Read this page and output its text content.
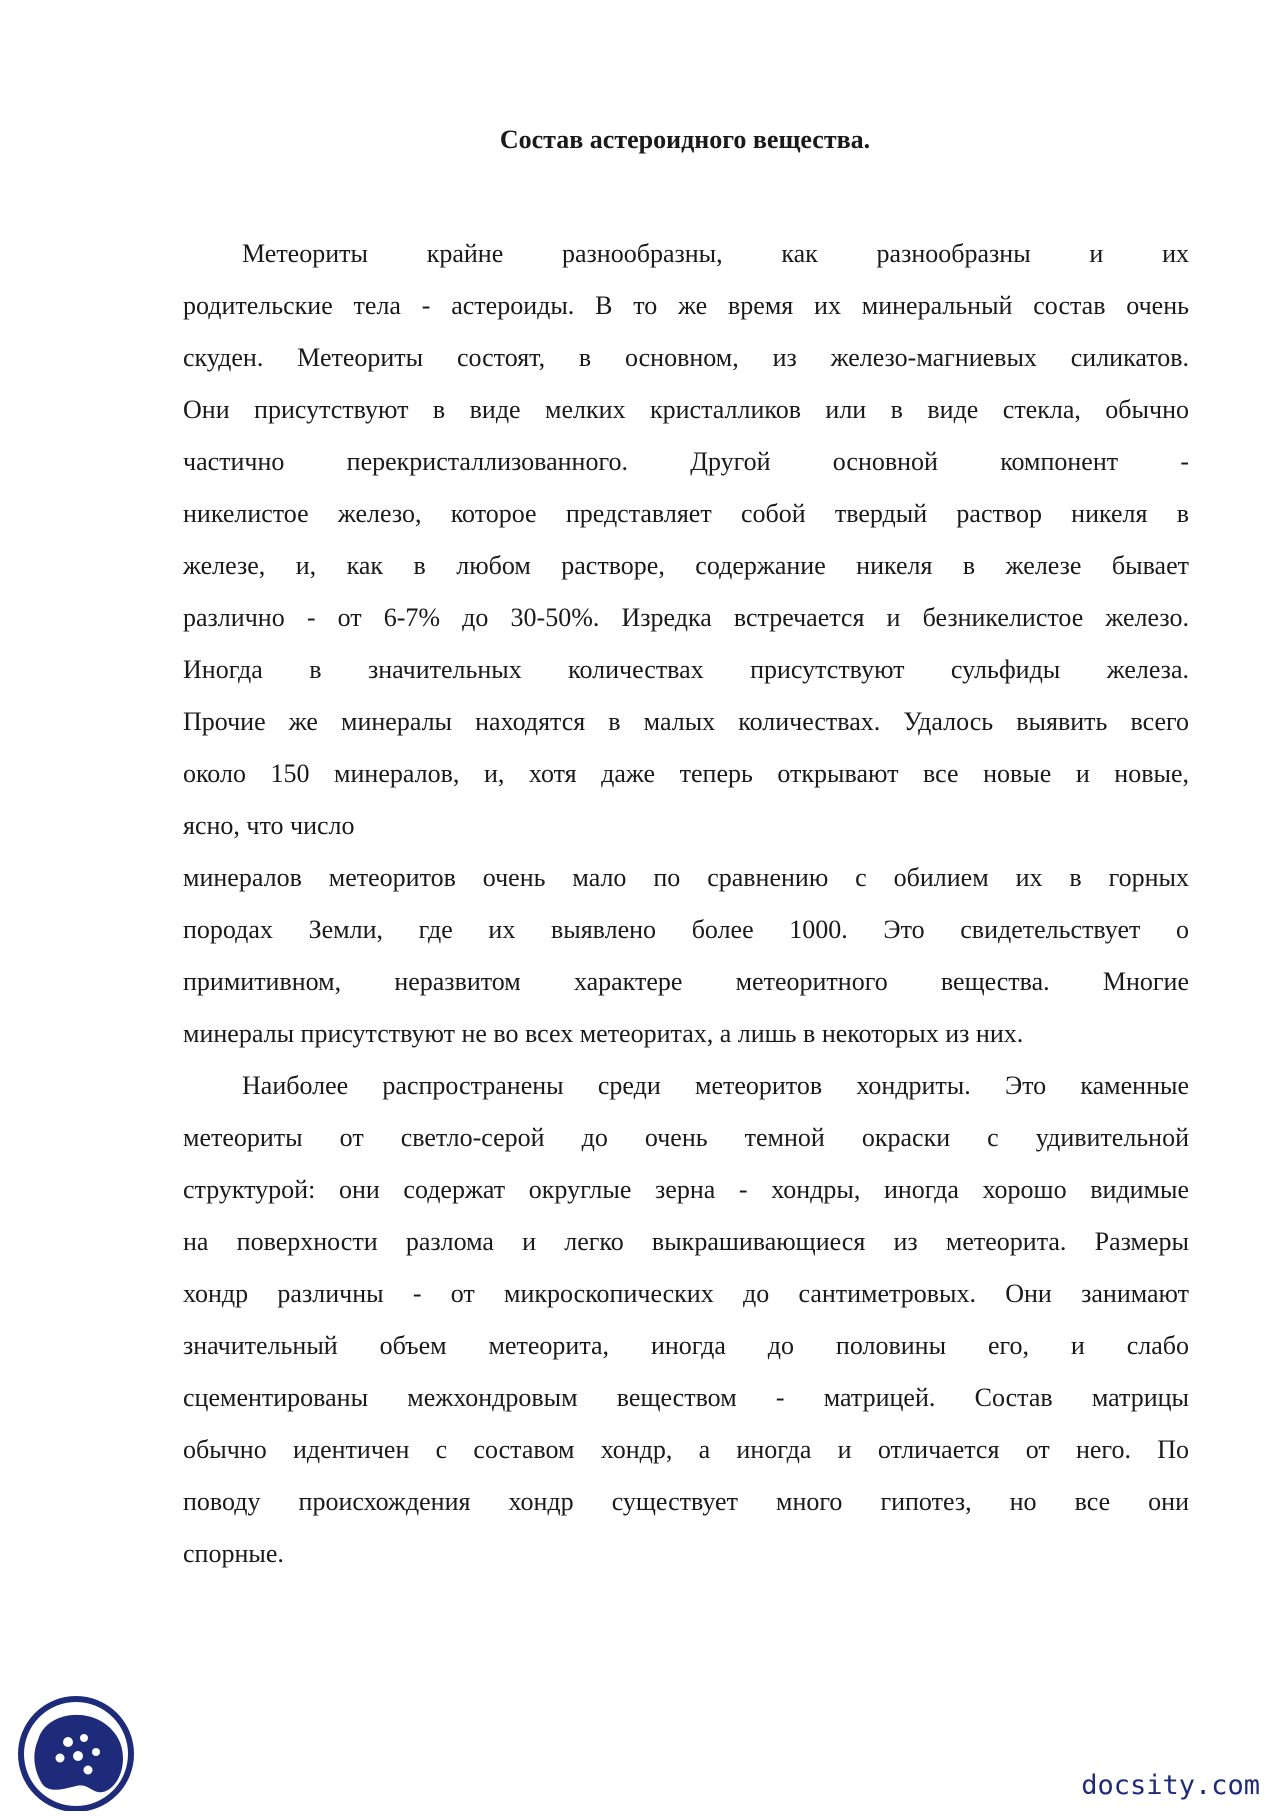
Состав астероидного вещества.
Метеориты крайне разнообразны, как разнообразны и их
родительские тела - астероиды. В то же время их минеральный состав очень
скуден. Метеориты состоят, в основном, из железо-магниевых силикатов.
Они присутствуют в виде мелких кристалликов или в виде стекла, обычно
частично перекристаллизованного. Другой основной компонент -
никелистое железо, которое представляет собой твердый раствор никеля в
железе, и, как в любом растворе, содержание никеля в железе бывает
различно - от 6-7% до 30-50%. Изредка встречается и безникелистое железо.
Иногда в значительных количествах присутствуют сульфиды железа.
Прочие же минералы находятся в малых количествах. Удалось выявить всего
около 150 минералов, и, хотя даже теперь открывают все новые и новые,
ясно, что число
минералов метеоритов очень мало по сравнению с обилием их в горных
породах Земли, где их выявлено более 1000. Это свидетельствует о
примитивном, неразвитом характере метеоритного вещества. Многие
минералы присутствуют не во всех метеоритах, а лишь в некоторых из них.
Наиболее распространены среди метеоритов хондриты. Это каменные
метеориты от светло-серой до очень темной окраски с удивительной
структурой: они содержат округлые зерна - хондры, иногда хорошо видимые
на поверхности разлома и легко выкрашивающиеся из метеорита. Размеры
хондр различны - от микроскопических до сантиметровых. Они занимают
значительный объем метеорита, иногда до половины его, и слабо
сцементированы межхондровым веществом - матрицей. Состав матрицы
обычно идентичен с составом хондр, а иногда и отличается от него. По
поводу происхождения хондр существует много гипотез, но все они
спорные.
docsity.com
